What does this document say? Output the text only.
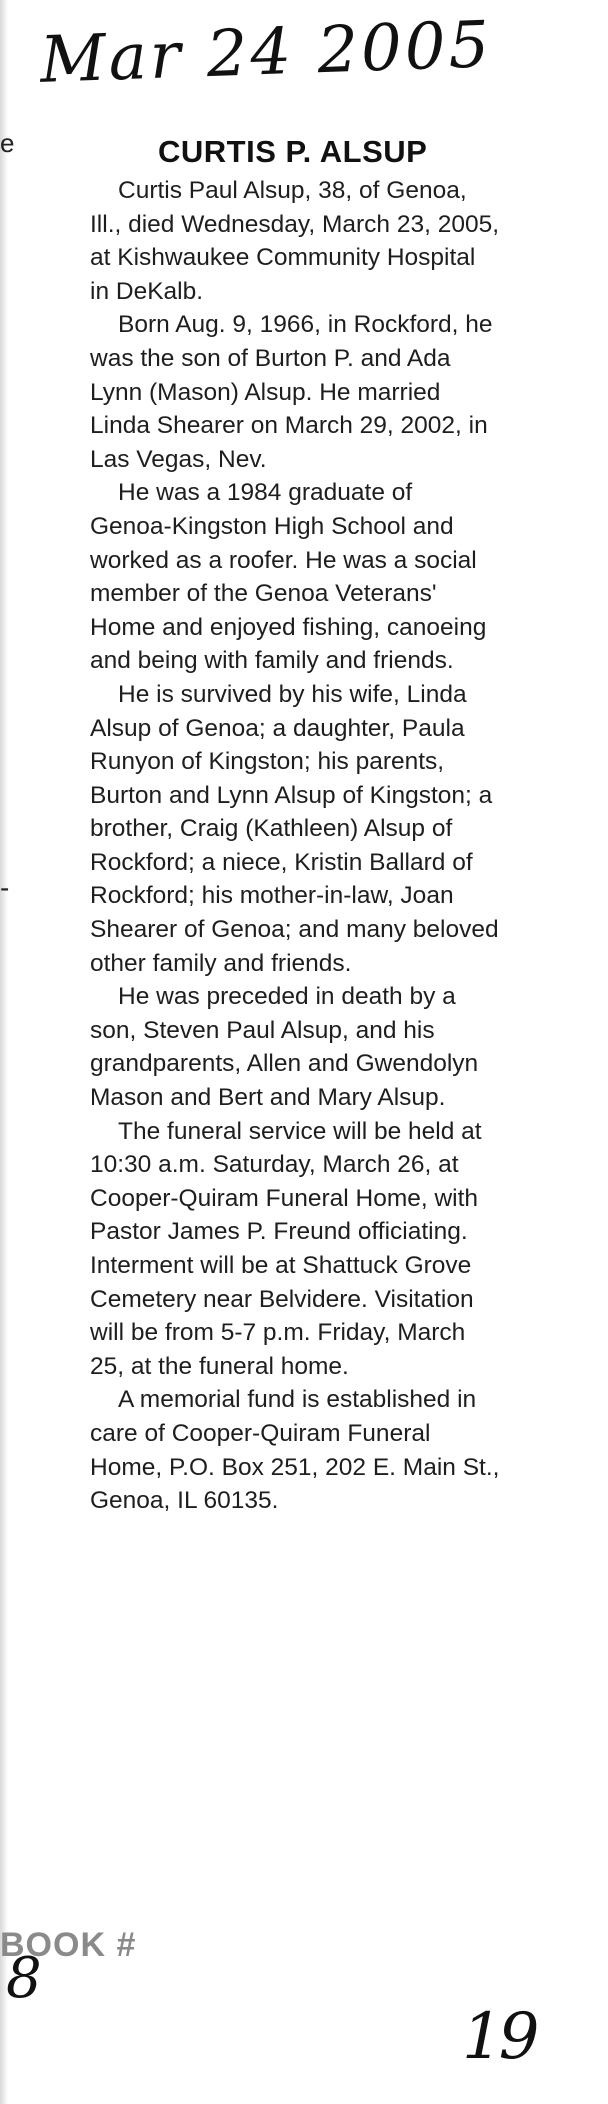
Mar 24 2005
e
-
CURTIS P. ALSUP

Curtis Paul Alsup, 38, of Genoa, Ill., died Wednesday, March 23, 2005, at Kishwaukee Community Hospital in DeKalb.

Born Aug. 9, 1966, in Rockford, he was the son of Burton P. and Ada Lynn (Mason) Alsup. He married Linda Shearer on March 29, 2002, in Las Vegas, Nev.

He was a 1984 graduate of Genoa-Kingston High School and worked as a roofer. He was a social member of the Genoa Veterans' Home and enjoyed fishing, canoeing and being with family and friends.

He is survived by his wife, Linda Alsup of Genoa; a daughter, Paula Runyon of Kingston; his parents, Burton and Lynn Alsup of Kingston; a brother, Craig (Kathleen) Alsup of Rockford; a niece, Kristin Ballard of Rockford; his mother-in-law, Joan Shearer of Genoa; and many beloved other family and friends.

He was preceded in death by a son, Steven Paul Alsup, and his grandparents, Allen and Gwendolyn Mason and Bert and Mary Alsup.

The funeral service will be held at 10:30 a.m. Saturday, March 26, at Cooper-Quiram Funeral Home, with Pastor James P. Freund officiating. Interment will be at Shattuck Grove Cemetery near Belvidere. Visitation will be from 5-7 p.m. Friday, March 25, at the funeral home.

A memorial fund is established in care of Cooper-Quiram Funeral Home, P.O. Box 251, 202 E. Main St., Genoa, IL 60135.

BOOK #
8
19
